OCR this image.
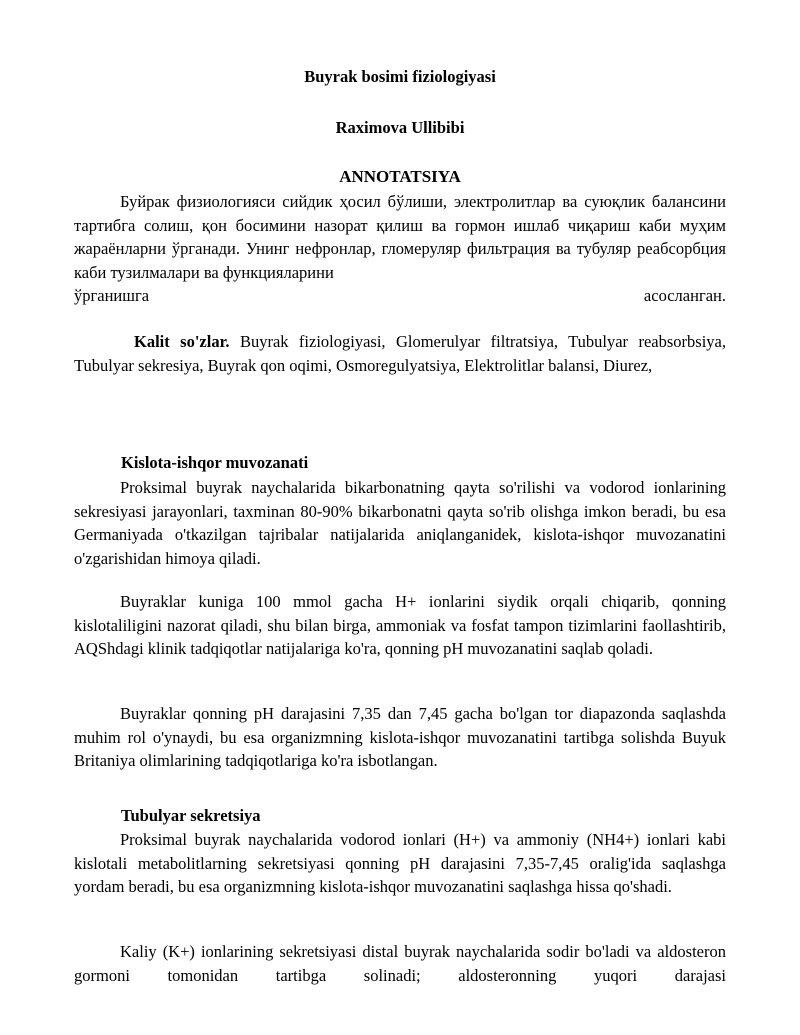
Buyrak bosimi fiziologiyasi
Raximova Ullibibi
ANNOTATSIYA

Буйрак физиологияси сийдик ҳосил бўлиши, электролитлар ва суюқлик балансини тартибга солиш, қон босимини назорат қилиш ва гормон ишлаб чиқариш каби муҳим жараёнларни ўрганади. Унинг нефронлар, гломеруляр фильтрация ва тубуляр реабсорбция каби тузилмалари ва функцияларини

ўрганишга	асосланган.

Kalit so'zlar. Buyrak fiziologiyasi, Glomerulyar filtratsiya, Tubulyar reabsorbsiya, Tubulyar sekresiya, Buyrak qon oqimi, Osmoregulyatsiya, Elektrolitlar balansi, Diurez,

Kislota-ishqor muvozanati

Proksimal buyrak naychalarida bikarbonatning qayta so'rilishi va vodorod ionlarining sekresiyasi jarayonlari, taxminan 80-90% bikarbonatni qayta so'rib olishga imkon beradi, bu esa Germaniyada o'tkazilgan tajribalar natijalarida aniqlanganidek, kislota-ishqor muvozanatini o'zgarishidan himoya qiladi.

Buyraklar kuniga 100 mmol gacha H+ ionlarini siydik orqali chiqarib, qonning kislotaliligini nazorat qiladi, shu bilan birga, ammoniak va fosfat tampon tizimlarini faollashtirib, AQShdagi klinik tadqiqotlar natijalariga ko'ra, qonning pH muvozanatini saqlab qoladi.

Buyraklar qonning pH darajasini 7,35 dan 7,45 gacha bo'lgan tor diapazonda saqlashda muhim rol o'ynaydi, bu esa organizmning kislota-ishqor muvozanatini tartibga solishda Buyuk Britaniya olimlarining tadqiqotlariga ko'ra isbotlangan.

Tubulyar sekretsiya

Proksimal buyrak naychalarida vodorod ionlari (H+) va ammoniy (NH4+) ionlari kabi kislotali metabolitlarning sekretsiyasi qonning pH darajasini 7,35-7,45 oralig'ida saqlashga yordam beradi, bu esa organizmning kislota-ishqor muvozanatini saqlashga hissa qo'shadi.

Kaliy (K+) ionlarining sekretsiyasi distal buyrak naychalarida sodir bo'ladi va aldosteron gormoni tomonidan tartibga solinadi; aldosteronning yuqori darajasi
